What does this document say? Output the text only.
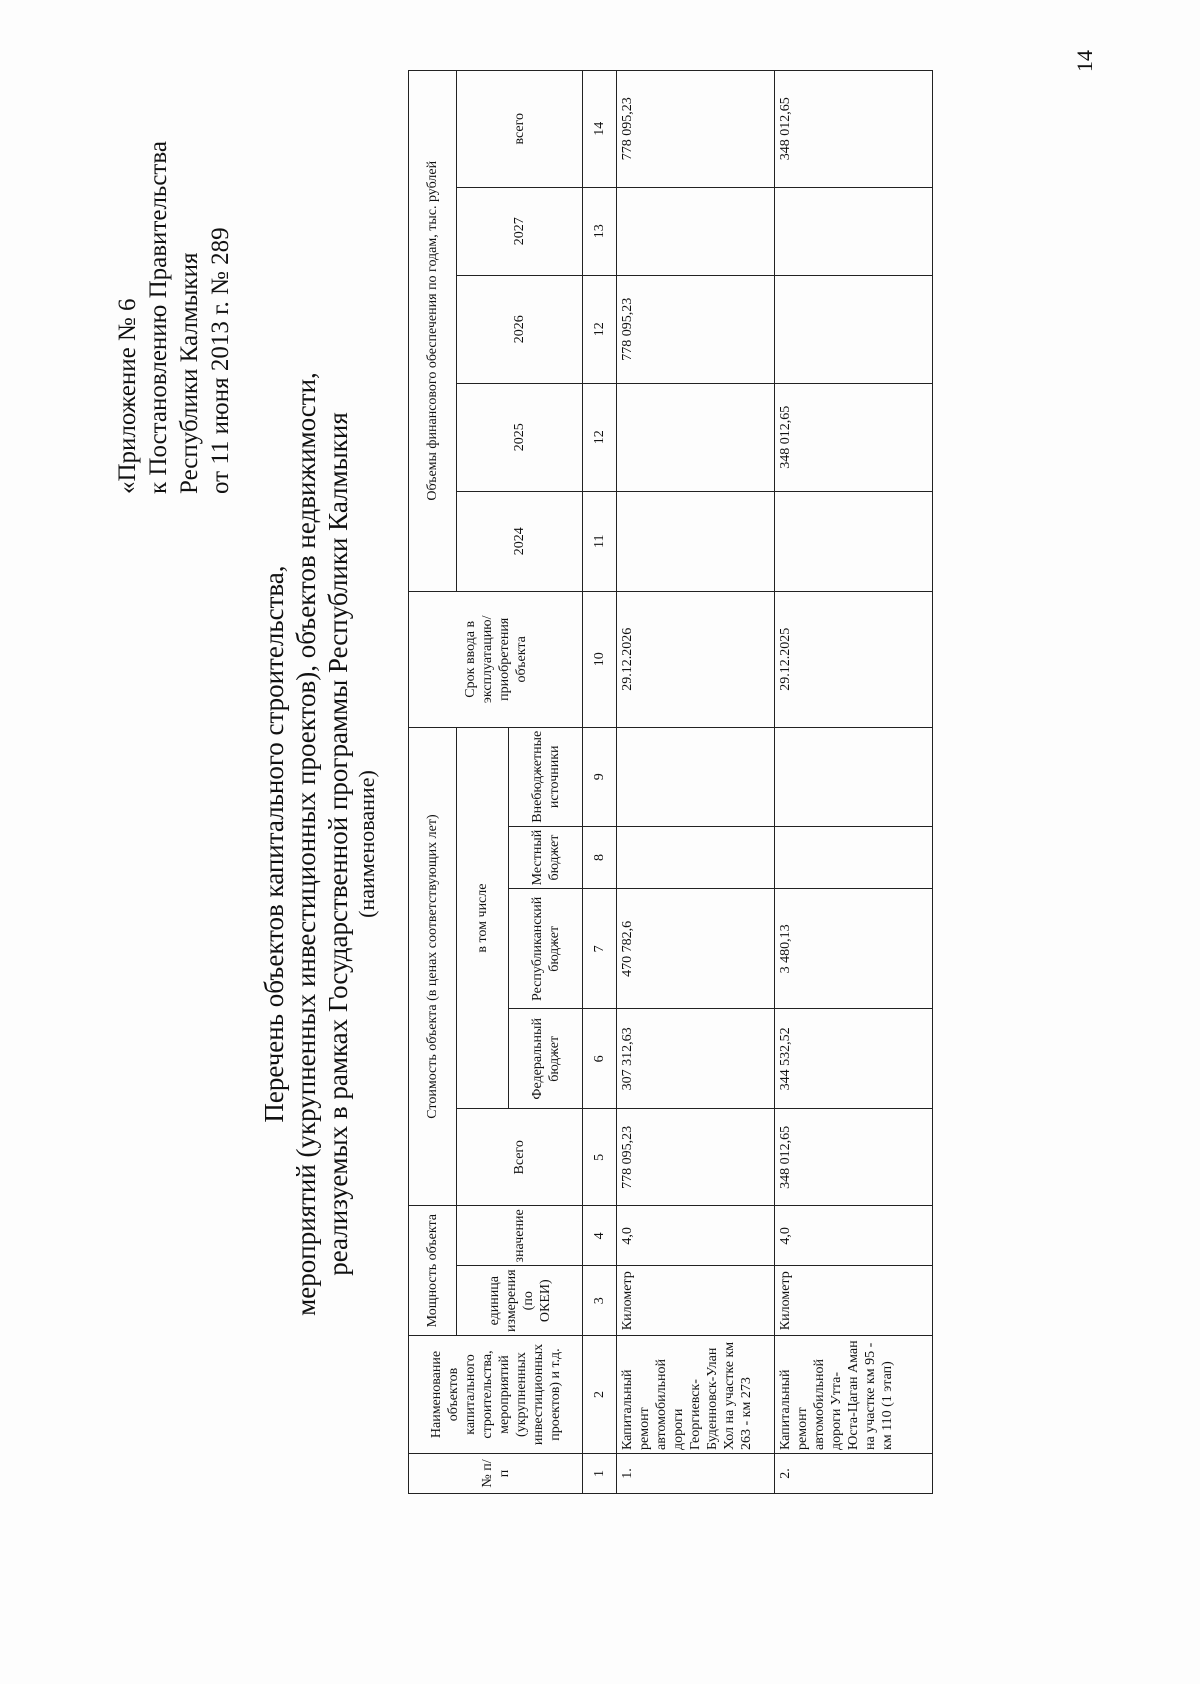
14
«Приложение № 6 к Постановлению Правительства Республики Калмыкия от 11 июня 2013 г. № 289
Перечень объектов капитального строительства, мероприятий (укрупненных инвестиционных проектов), объектов недвижимости, реализуемых в рамках Государственной программы Республики Калмыкия (наименование)
№ п/п	Наименование объектов капитального строительства, мероприятий (укрупненных инвестиционных проектов) и т.д.	Мощность объекта		Стоимость объекта (в ценах соответствующих лет)					Срок ввода в эксплуатацию/приобретения объекта	Объемы финансового обеспечения по годам, тыс. рублей				
		единица измерения (по ОКЕИ)	значение	Всего	в том числе					2024	2025	2026	2027	всего
					Федеральный бюджет	Республиканский бюджет	Местный бюджет	Внебюджетные источники						
1	2	3	4	5	6	7	8	9	10	11	12	12	13	14
1.	Капитальный ремонт автомобильной дороги Георгиевск-Буденновск-Улан Хол на участке км 263 - км 273	Километр	4,0	778 095,23	307 312,63	470 782,6			29.12.2026			778 095,23		778 095,23
2.	Капитальный ремонт автомобильной дороги Утта-Юста-Цаган Аман на участке км 95 - км 110 (1 этап)	Километр	4,0	348 012,65	344 532,52	3 480,13			29.12.2025		348 012,65			348 012,65
